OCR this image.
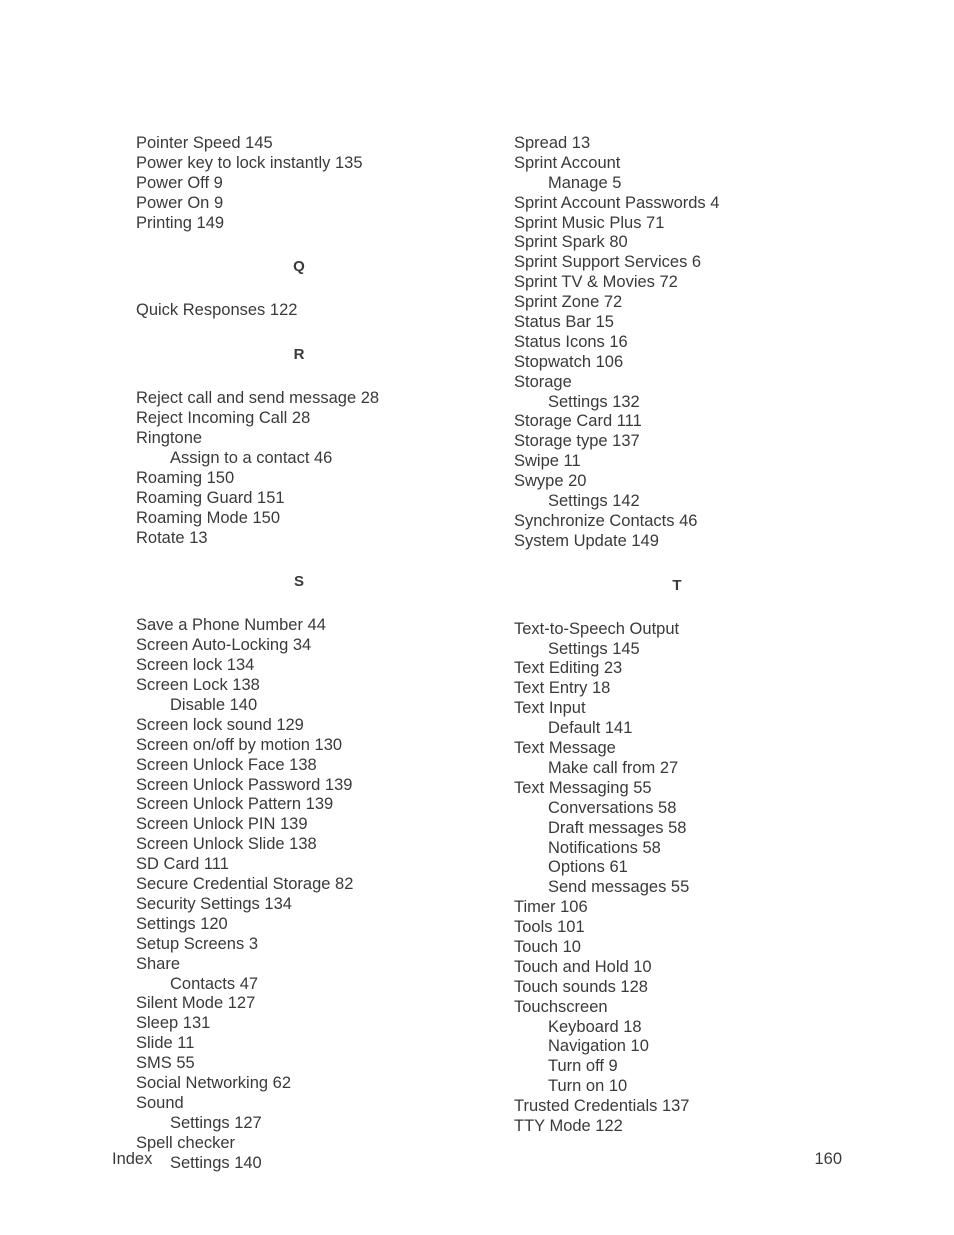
Pointer Speed 145
Power key to lock instantly 135
Power Off 9
Power On 9
Printing 149
Q
Quick Responses 122
R
Reject call and send message 28
Reject Incoming Call 28
Ringtone
Assign to a contact 46
Roaming 150
Roaming Guard 151
Roaming Mode 150
Rotate 13
S
Save a Phone Number 44
Screen Auto-Locking 34
Screen lock 134
Screen Lock 138
Disable 140
Screen lock sound 129
Screen on/off by motion 130
Screen Unlock Face 138
Screen Unlock Password 139
Screen Unlock Pattern 139
Screen Unlock PIN 139
Screen Unlock Slide 138
SD Card 111
Secure Credential Storage 82
Security Settings 134
Settings 120
Setup Screens 3
Share
Contacts 47
Silent Mode 127
Sleep 131
Slide 11
SMS 55
Social Networking 62
Sound
Settings 127
Spell checker
Settings 140
Spread 13
Sprint Account
Manage 5
Sprint Account Passwords 4
Sprint Music Plus 71
Sprint Spark 80
Sprint Support Services 6
Sprint TV & Movies 72
Sprint Zone 72
Status Bar 15
Status Icons 16
Stopwatch 106
Storage
Settings 132
Storage Card 111
Storage type 137
Swipe 11
Swype 20
Settings 142
Synchronize Contacts 46
System Update 149
T
Text-to-Speech Output
Settings 145
Text Editing 23
Text Entry 18
Text Input
Default 141
Text Message
Make call from 27
Text Messaging 55
Conversations 58
Draft messages 58
Notifications 58
Options 61
Send messages 55
Timer 106
Tools 101
Touch 10
Touch and Hold 10
Touch sounds 128
Touchscreen
Keyboard 18
Navigation 10
Turn off 9
Turn on 10
Trusted Credentials 137
TTY Mode 122
Index	160
